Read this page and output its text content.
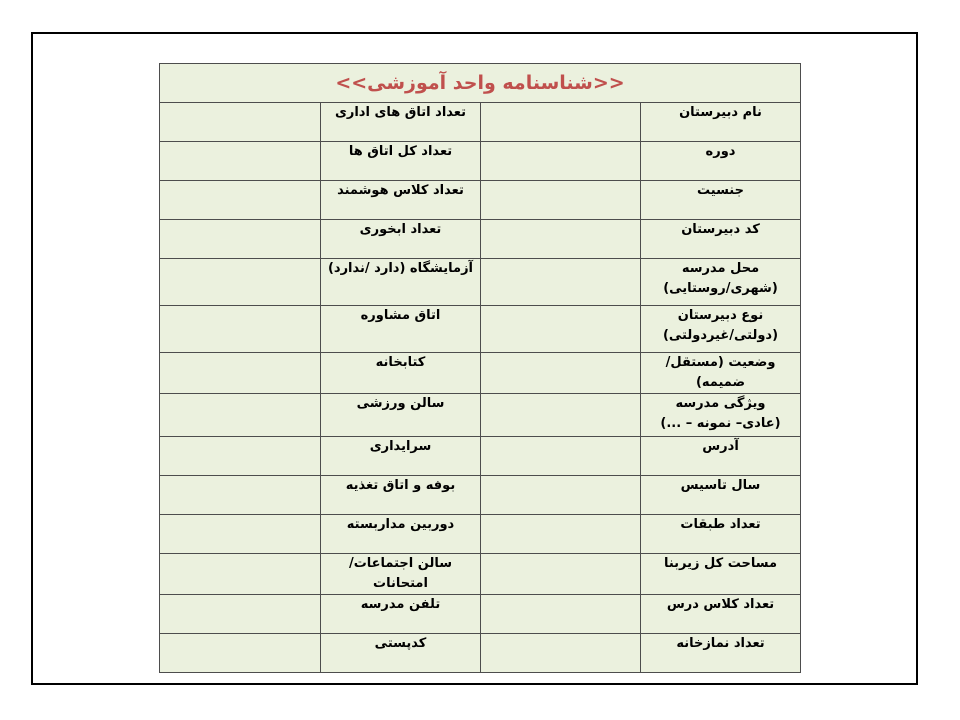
<<شناسنامه واحد آموزشی>>			

نام دبیرستان		تعداد اتاق های اداری	

دوره		تعداد کل اتاق ها	

جنسیت		تعداد کلاس هوشمند	

کد دبیرستان		تعداد ابخوری	

محل مدرسه
(شهری/روستایی)		آزمایشگاه (دارد /ندارد)	

نوع دبیرستان
(دولتی/غیردولتی)		اتاق مشاوره	

وضعیت (مستقل/ضمیمه)		کتابخانه	

ویژگی مدرسه
(عادی– نمونه – ...)		سالن ورزشی	

آدرس		سرایداری	

سال تاسیس		بوفه و اتاق تغذیه	

تعداد طبقات		دوربین مداربسته	

مساحت کل زیربنا		سالن اجتماعات/امتحانات	

تعداد کلاس درس		تلفن مدرسه	

تعداد نمازخانه		کدپستی	
